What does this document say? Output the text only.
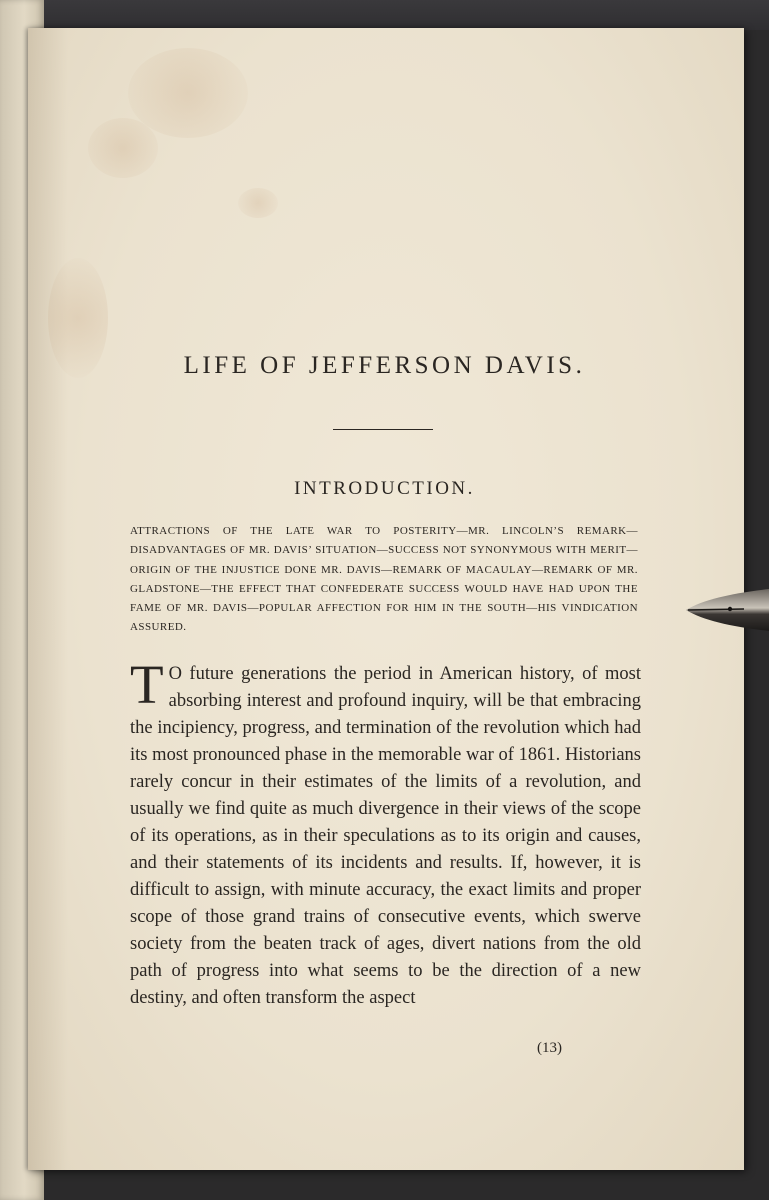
LIFE OF JEFFERSON DAVIS.
INTRODUCTION.

ATTRACTIONS OF THE LATE WAR TO POSTERITY—MR. LINCOLN’S REMARK—DISADVANTAGES OF MR. DAVIS’ SITUATION—SUCCESS NOT SYNONYMOUS WITH MERIT—ORIGIN OF THE INJUSTICE DONE MR. DAVIS—REMARK OF MACAULAY—REMARK OF MR. GLADSTONE—THE EFFECT THAT CONFEDERATE SUCCESS WOULD HAVE HAD UPON THE FAME OF MR. DAVIS—POPULAR AFFECTION FOR HIM IN THE SOUTH—HIS VINDICATION ASSURED.

T O future generations the period in American history, of most absorbing interest and profound inquiry, will be that embracing the incipiency, progress, and termination of the revolution which had its most pronounced phase in the memorable war of 1861. Historians rarely concur in their estimates of the limits of a revolution, and usually we find quite as much divergence in their views of the scope of its operations, as in their speculations as to its origin and causes, and their statements of its incidents and results. If, however, it is difficult to assign, with minute accuracy, the exact limits and proper scope of those grand trains of consecutive events, which swerve society from the beaten track of ages, divert nations from the old path of progress into what seems to be the direction of a new destiny, and often transform the aspect

(13)
